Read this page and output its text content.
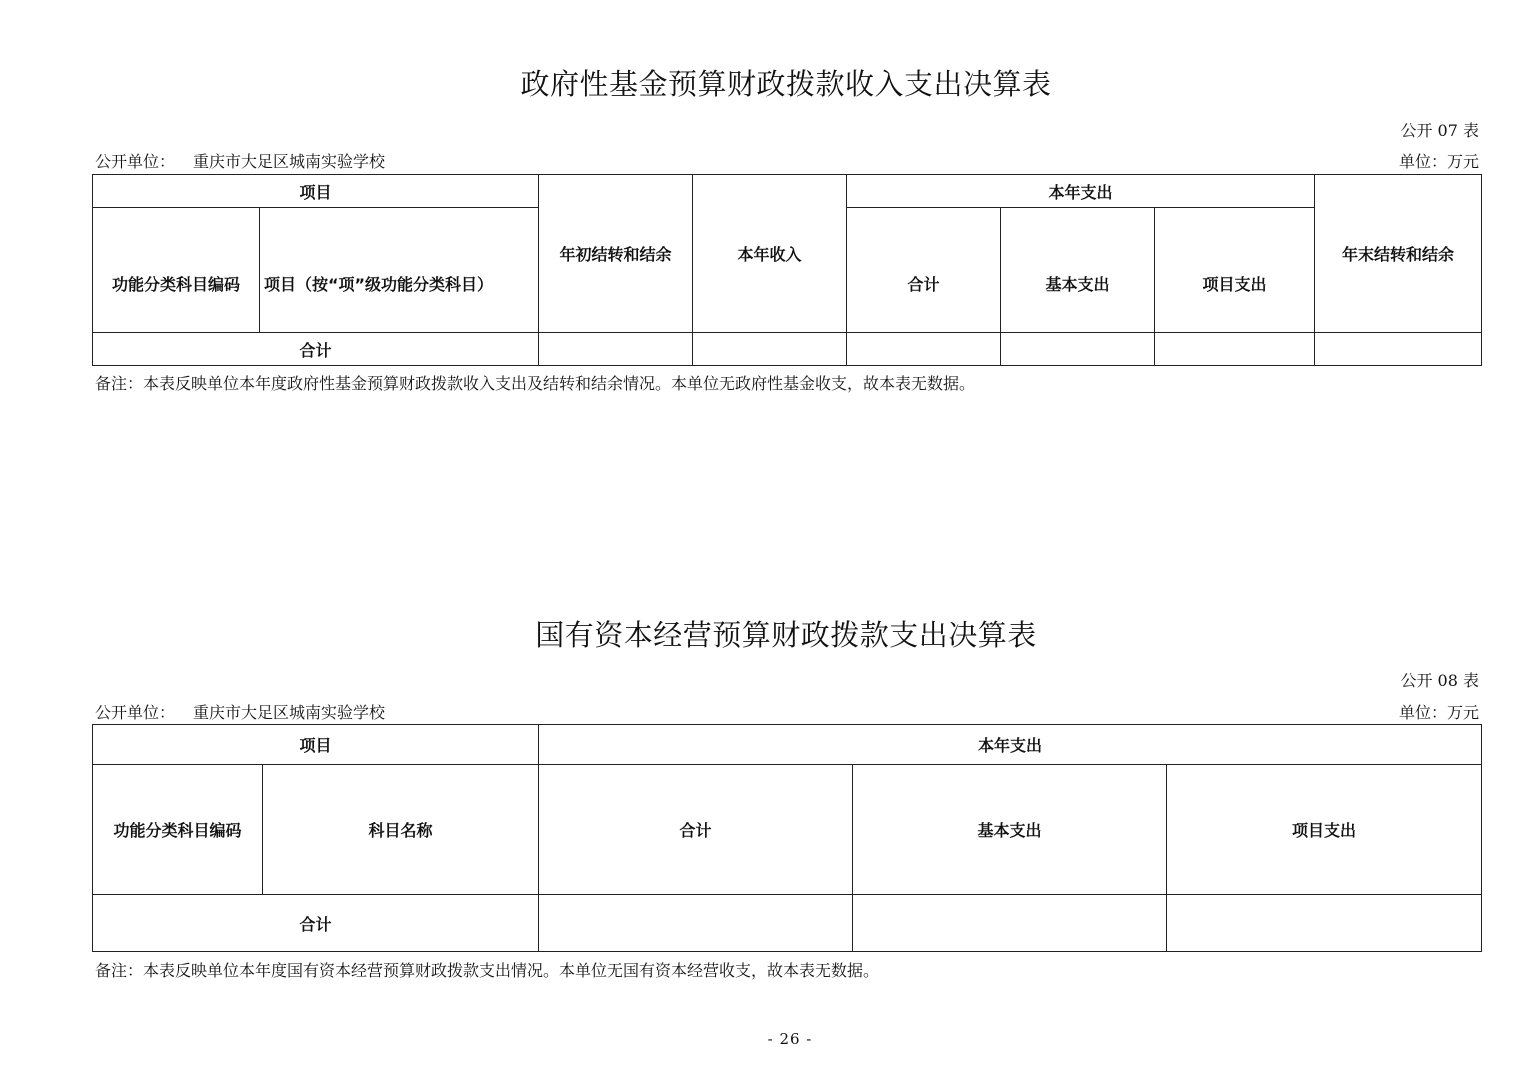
政府性基金预算财政拨款收入支出决算表
公开 07 表
公开单位： 重庆市大足区城南实验学校	单位：万元
项目		年初结转和结余	本年收入	本年支出			年末结转和结余
功能分类科目编码	项目（按“项”级功能分类科目）			合计	基本支出	项目支出	
合计							
备注：本表反映单位本年度政府性基金预算财政拨款收入支出及结转和结余情况。本单位无政府性基金收支，故本表无数据。
国有资本经营预算财政拨款支出决算表
公开 08 表
公开单位： 重庆市大足区城南实验学校	单位：万元
项目		本年支出		
功能分类科目编码	科目名称	合计	基本支出	项目支出
合计				
备注：本表反映单位本年度国有资本经营预算财政拨款支出情况。本单位无国有资本经营收支，故本表无数据。
- 26 -
